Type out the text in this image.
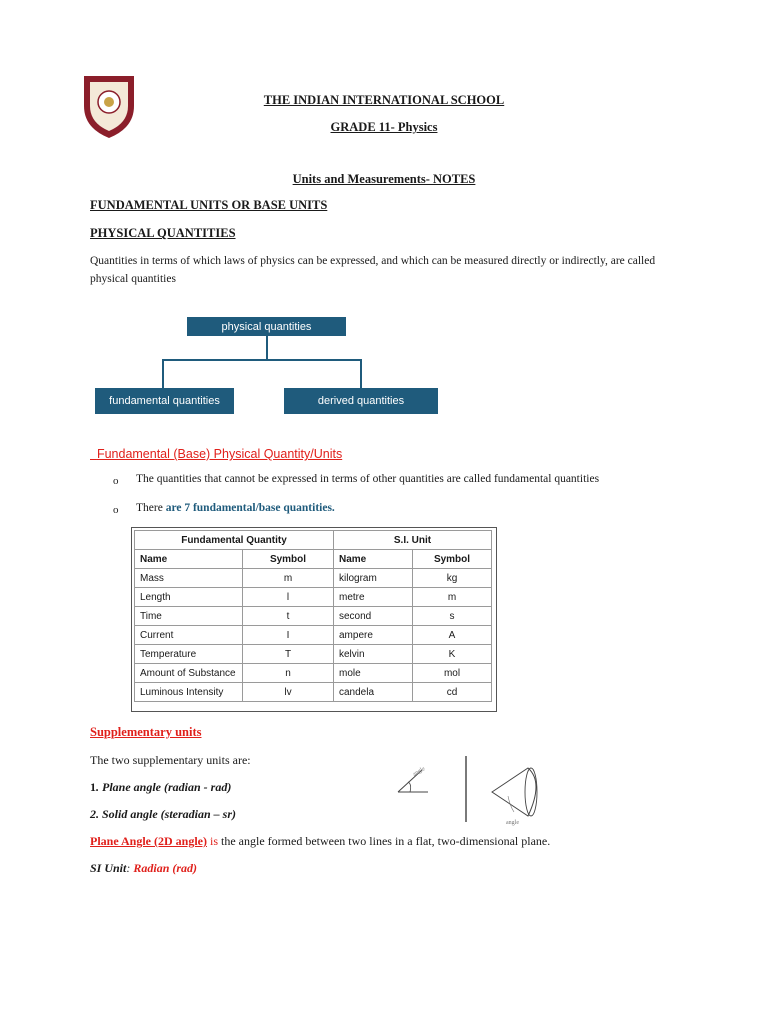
THE INDIAN INTERNATIONAL SCHOOL
GRADE 11- Physics
Units and Measurements- NOTES
FUNDAMENTAL UNITS OR BASE UNITS
PHYSICAL QUANTITIES
Quantities in terms of which laws of physics can be expressed, and which can be measured directly or indirectly, are called physical quantities
physical quantities
fundamental quantities	derived quantities
Fundamental (Base) Physical Quantity/Units
o The quantities that cannot be expressed in terms of other quantities are called fundamental quantities
o There are 7 fundamental/base quantities.
Fundamental Quantity		S.I. Unit	
Name	Symbol	Name	Symbol
Mass	m	kilogram	kg
Length	l	metre	m
Time	t	second	s
Current	I	ampere	A
Temperature	T	kelvin	K
Amount of Substance	n	mole	mol
Luminous Intensity	lv	candela	cd
Supplementary units
The two supplementary units are:
1. Plane angle (radian - rad)
2. Solid angle (steradian – sr)
angle
angle
Plane Angle (2D angle) is the angle formed between two lines in a flat, two-dimensional plane.
SI Unit: Radian (rad)
